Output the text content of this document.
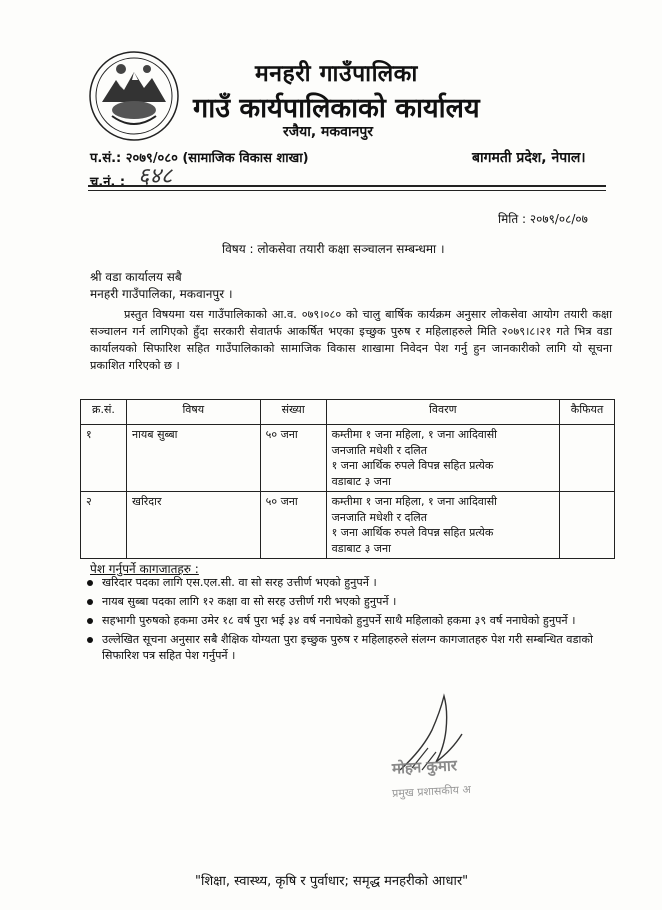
मनहरी गाउँपालिका
गाउँ कार्यपालिकाको कार्यालय
रजैया, मकवानपुर
प.सं.: २०७९/०८० (सामाजिक विकास शाखा)	बागमती प्रदेश, नेपाल।
च.नं. : ६४८
मिति : २०७९/०८/०७
विषय : लोकसेवा तयारी कक्षा सञ्चालन सम्बन्धमा ।
श्री वडा कार्यालय सबै
मनहरी गाउँपालिका, मकवानपुर ।
प्रस्तुत विषयमा यस गाउँपालिकाको आ.व. ०७९।०८० को चालु बार्षिक कार्यक्रम अनुसार लोकसेवा आयोग तयारी कक्षा सञ्चालन गर्न लागिएको हुँदा सरकारी सेवातर्फ आकर्षित भएका इच्छुक पुरुष र महिलाहरुले मिति २०७९।८।२१ गते भित्र वडा कार्यालयको सिफारिश सहित गाउँपालिकाको सामाजिक विकास शाखामा निवेदन पेश गर्नु हुन जानकारीको लागि यो सूचना प्रकाशित गरिएको छ ।
क्र.सं.	विषय	संख्या	विवरण	कैफियत
१	नायब सुब्बा	५० जना	कम्तीमा १ जना महिला, १ जना आदिवासी
जनजाति मधेशी र दलित
१ जना आर्थिक रुपले विपन्न सहित प्रत्येक
वडाबाट ३ जना	

२	खरिदार	५० जना	कम्तीमा १ जना महिला, १ जना आदिवासी
जनजाति मधेशी र दलित
१ जना आर्थिक रुपले विपन्न सहित प्रत्येक
वडाबाट ३ जना	

पेश गर्नुपर्ने कागजातहरु :
खरिदार पदका लागि एस.एल.सी. वा सो सरह उत्तीर्ण भएको हुनुपर्ने ।
नायब सुब्बा पदका लागि १२ कक्षा वा सो सरह उत्तीर्ण गरी भएको हुनुपर्ने ।
सहभागी पुरुषको हकमा उमेर १८ वर्ष पुरा भई ३४ वर्ष ननाघेको हुनुपर्ने साथै महिलाको हकमा ३९ वर्ष ननाघेको हुनुपर्ने ।
उल्लेखित सूचना अनुसार सबै शैक्षिक योग्यता पुरा इच्छुक पुरुष र महिलाहरुले संलग्न कागजातहरु पेश गरी सम्बन्धित वडाको सिफारिश पत्र सहित पेश गर्नुपर्ने ।
मोहन कुमार
प्रमुख प्रशासकीय अ
"शिक्षा, स्वास्थ्य, कृषि र पुर्वाधार; समृद्ध मनहरीको आधार"
